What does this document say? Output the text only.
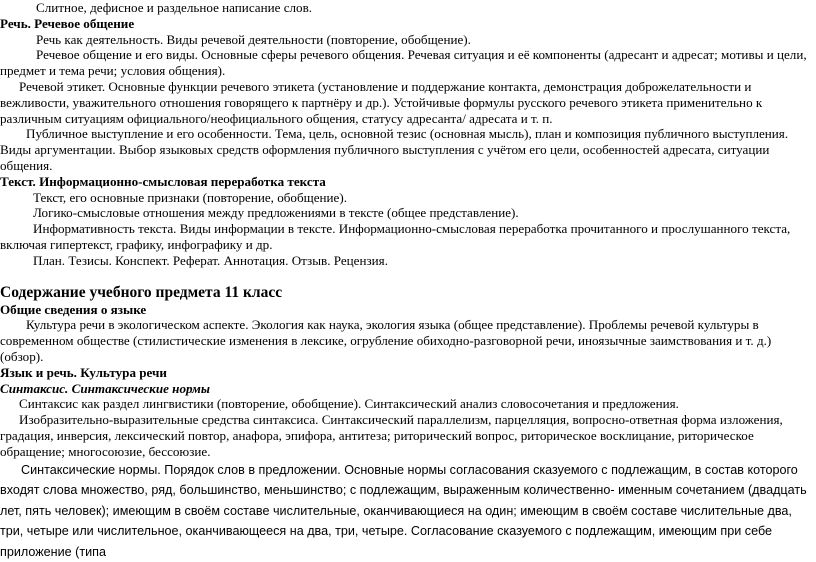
Слитное, дефисное и раздельное написание слов.

Речь. Речевое общение

Речь как деятельность. Виды речевой деятельности (повторение, обобщение).

Речевое общение и его виды. Основные сферы речевого общения. Речевая ситуация и её компоненты (адресант и адресат; мотивы и цели, предмет и тема речи; условия общения).

Речевой этикет. Основные функции речевого этикета (установление и поддержание контакта, демонстрация доброжелательности и вежливости, уважительного отношения говорящего к партнёру и др.). Устойчивые формулы русского речевого этикета применительно к различным ситуациям официального/неофициального общения, статусу адресанта/ адресата и т. п.

Публичное выступление и его особенности. Тема, цель, основной тезис (основная мысль), план и композиция публичного выступления. Виды аргументации. Выбор языковых средств оформления публичного выступления с учётом его цели, особенностей адресата, ситуации общения.

Текст. Информационно-смысловая переработка текста

Текст, его основные признаки (повторение, обобщение).

Логико-смысловые отношения между предложениями в тексте (общее представление).

Информативность текста. Виды информации в тексте. Информационно-смысловая переработка прочитанного и прослушанного текста, включая гипертекст, графику, инфографику и др.

План. Тезисы. Конспект. Реферат. Аннотация. Отзыв. Рецензия.

Содержание учебного предмета 11 класс

Общие сведения о языке

Культура речи в экологическом аспекте. Экология как наука, экология языка (общее представление). Проблемы речевой культуры в современном обществе (стилистические изменения в лексике, огрубление обиходно-разговорной речи, иноязычные заимствования и т. д.) (обзор).

Язык и речь. Культура речи

Синтаксис. Синтаксические нормы

Синтаксис как раздел лингвистики (повторение, обобщение). Синтаксический анализ словосочетания и предложения.

Изобразительно-выразительные средства синтаксиса. Синтаксический параллелизм, парцелляция, вопросно-ответная форма изложения, градация, инверсия, лексический повтор, анафора, эпифора, антитеза; риторический вопрос, риторическое восклицание, риторическое обращение; многосоюзие, бессоюзие.

Синтаксические нормы. Порядок слов в предложении. Основные нормы согласования сказуемого с подлежащим, в состав которого входят слова множество, ряд, большинство, меньшинство; с подлежащим, выраженным количественно- именным сочетанием (двадцать лет, пять человек); имеющим в своём составе числительные, оканчивающиеся на один; имеющим в своём составе числительные два, три, четыре или числительное, оканчивающееся на два, три, четыре. Согласование сказуемого с подлежащим, имеющим при себе приложение (типа
